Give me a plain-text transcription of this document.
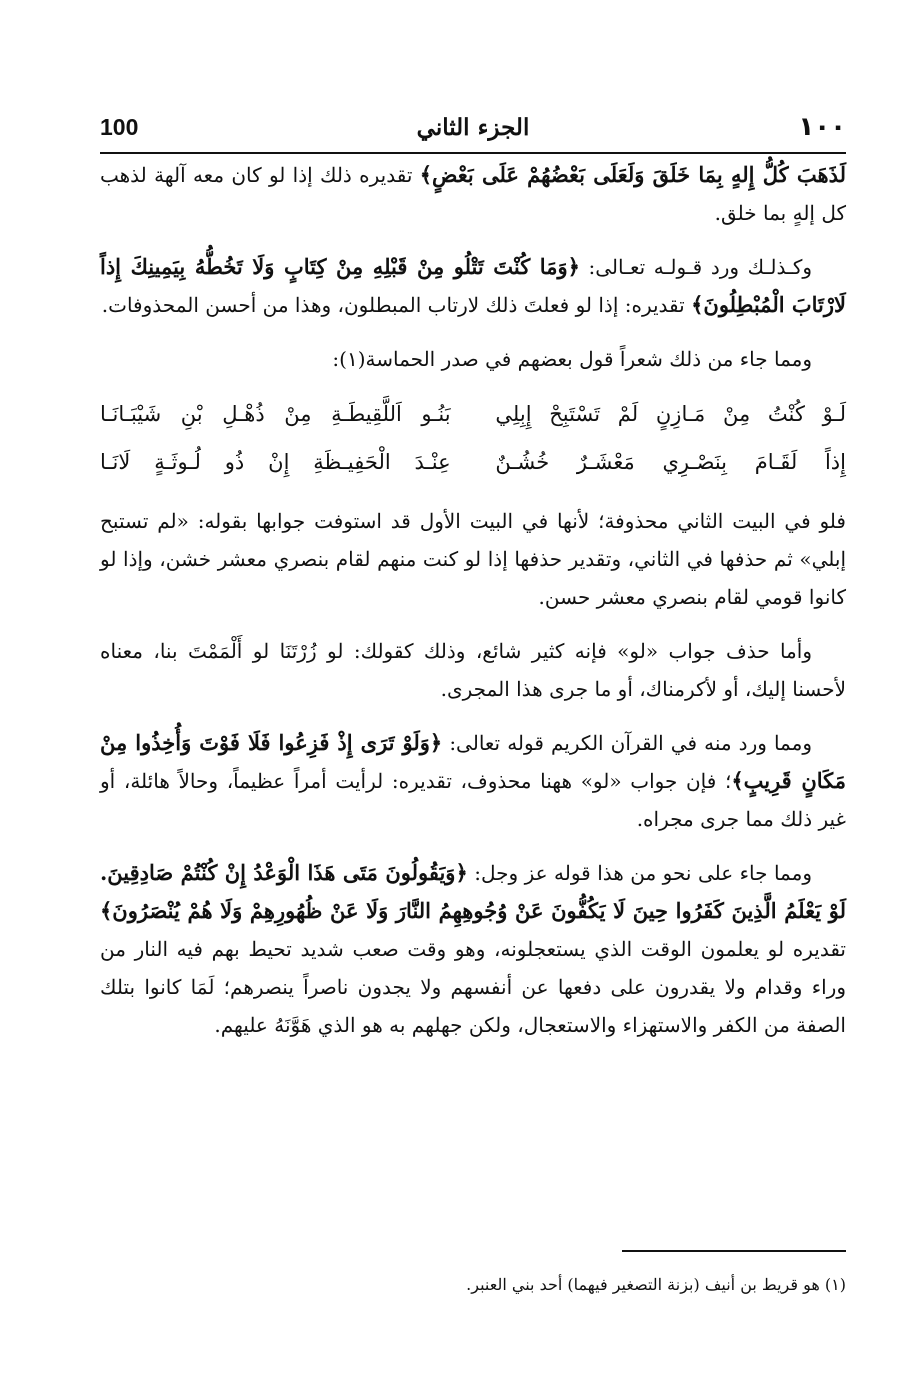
١٠٠
الجزء الثاني
100

لَذَهَبَ كُلُّ إِلهٍ بِمَا خَلَقَ وَلَعَلَى بَعْضُهُمْ عَلَى بَعْضٍ﴾ تقديره ذلك إذا لو كان معه آلهة لذهب كل إلهٍ بما خلق.

وكـذلـك ورد قـولـه تعـالى: ﴿وَمَا كُنْتَ تَتْلُو مِنْ قَبْلِهِ مِنْ كِتَابٍ وَلَا تَخُطُّهُ بِيَمِينِكَ إِذاً لَارْتَابَ الْمُبْطِلُونَ﴾ تقديره: إذا لو فعلتَ ذلك لارتاب المبطلون، وهذا من أحسن المحذوفات.

ومما جاء من ذلك شعراً قول بعضهم في صدر الحماسة(١):

لَـوْ كُنْتُ مِنْ مَـازِنٍ لَمْ تَسْتَبِحْ إِبِلِي
بَنُـو اَللَّقِيطَـةِ مِنْ ذُهْـلِ بْنِ شَيْبَـانَـا
إِذاً لَقَـامَ بِنَصْـرِي مَعْشَـرٌ خُشُـنٌ
عِنْـدَ الْحَفِيـظَةِ إِنْ ذُو لُـوثَـةٍ لَانَـا

فلو في البيت الثاني محذوفة؛ لأنها في البيت الأول قد استوفت جوابها بقوله: «لم تستبح إبلي» ثم حذفها في الثاني، وتقدير حذفها إذا لو كنت منهم لقام بنصري معشر خشن، وإذا لو كانوا قومي لقام بنصري معشر حسن.

وأما حذف جواب «لو» فإنه كثير شائع، وذلك كقولك: لو زُرْتَنَا لو أَلْمَمْتَ بنا، معناه لأحسنا إليك، أو لأكرمناك، أو ما جرى هذا المجرى.

ومما ورد منه في القرآن الكريم قوله تعالى: ﴿وَلَوْ تَرَى إِذْ فَزِعُوا فَلَا فَوْتَ وَأُخِذُوا مِنْ مَكَانٍ قَرِيبٍ﴾؛ فإن جواب «لو» ههنا محذوف، تقديره: لرأيت أمراً عظيماً، وحالاً هائلة، أو غير ذلك مما جرى مجراه.

ومما جاء على نحو من هذا قوله عز وجل: ﴿وَيَقُولُونَ مَتَى هَذَا الْوَعْدُ إِنْ كُنْتُمْ صَادِقِينَ. لَوْ يَعْلَمُ الَّذِينَ كَفَرُوا حِينَ لَا يَكُفُّونَ عَنْ وُجُوهِهِمُ النَّارَ وَلَا عَنْ ظُهُورِهِمْ وَلَا هُمْ يُنْصَرُونَ﴾ تقديره لو يعلمون الوقت الذي يستعجلونه، وهو وقت صعب شديد تحيط بهم فيه النار من وراء وقدام ولا يقدرون على دفعها عن أنفسهم ولا يجدون ناصراً ينصرهم؛ لَمَا كانوا بتلك الصفة من الكفر والاستهزاء والاستعجال، ولكن جهلهم به هو الذي هَوَّنَهُ عليهم.

(١) هو قريط بن أنيف (بزنة التصغير فيهما) أحد بني العنبر.
